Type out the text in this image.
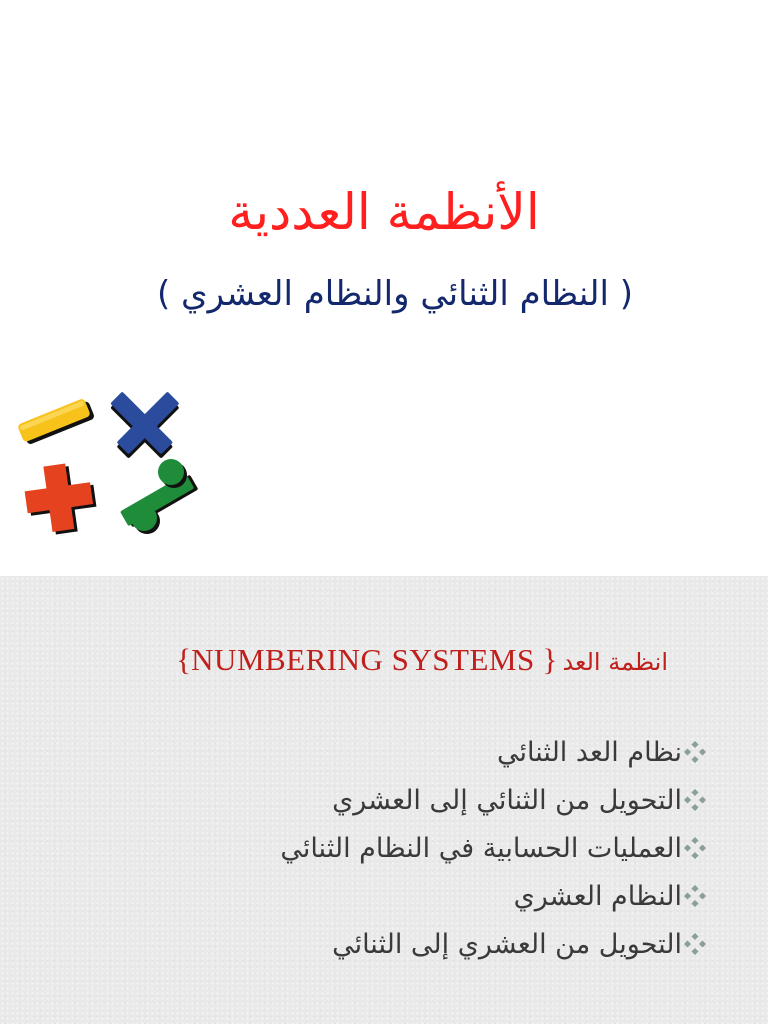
الأنظمة العددية
( النظام الثنائي والنظام العشري )
انظمة العد { NUMBERING SYSTEMS}
نظام العد الثنائي
التحويل من الثنائي إلى العشري
العمليات الحسابية في النظام الثنائي
النظام العشري
التحويل من العشري إلى الثنائي
